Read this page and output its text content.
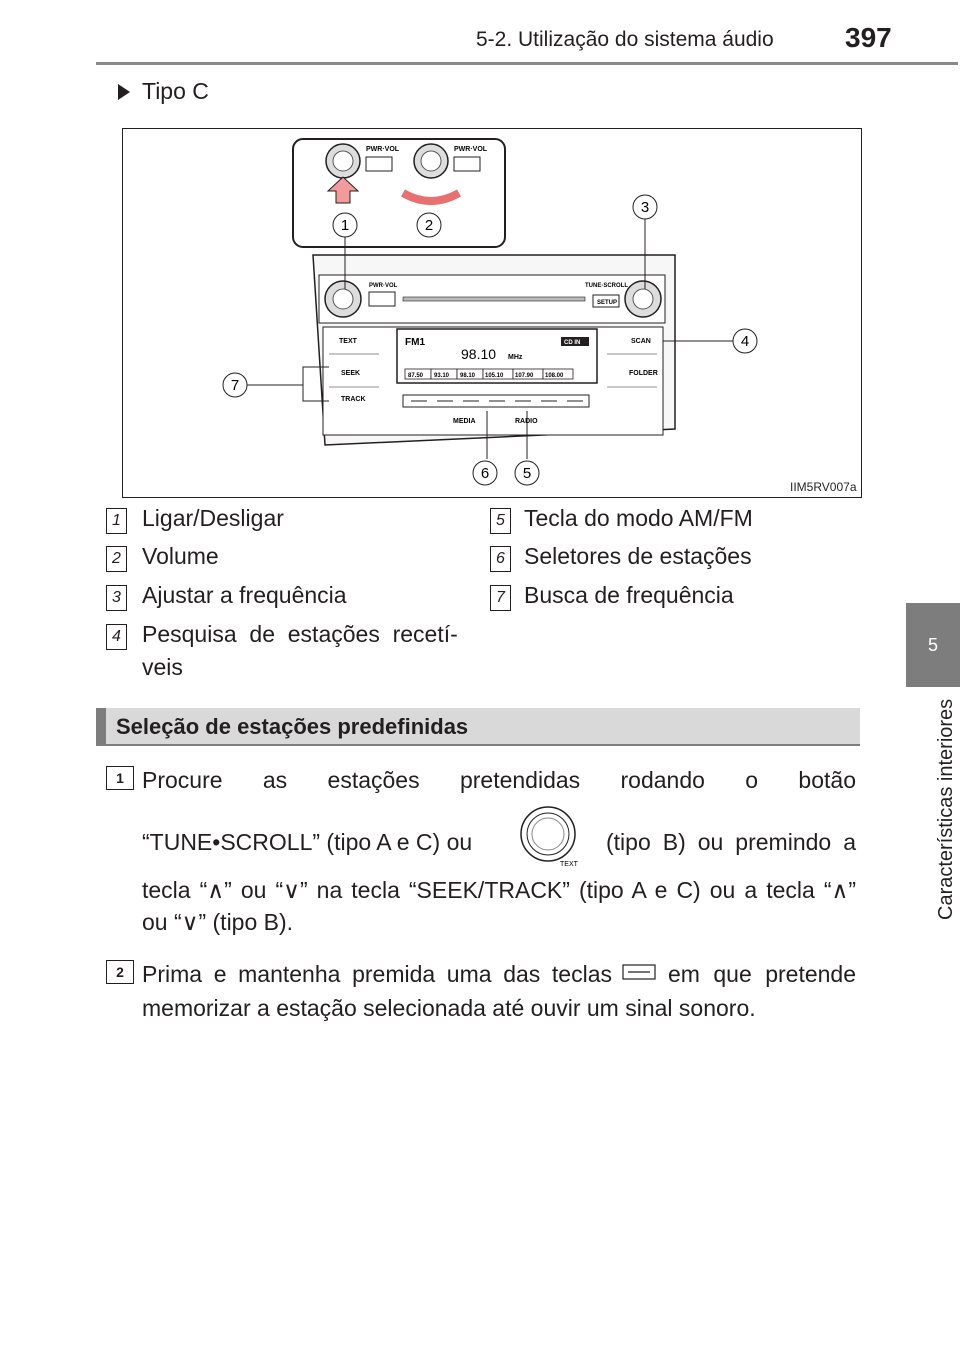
5-2. Utilização do sistema áudio	397
5
Características interiores
Tipo C
PWR·VOL	PWR·VOL
1	2
PWR·VOL	TUNE·SCROLL
SETUP
TEXT	SCAN
SEEK	FOLDER
TRACK
FM1	CD IN
98.10 MHz
87.50 93.10 98.10 105.10 107.90 108.00
MEDIA	RADIO
3
4
6 5
7
IIM5RV007a
1 Ligar/Desligar
2 Volume
3 Ajustar a frequência
4 Pesquisa  de  estações  recetí-
veis
5 Tecla do modo AM/FM
6 Seletores de estações
7 Busca de frequência
Seleção de estações predefinidas
1 Procure as estações pretendidas rodando o botão
“TUNE•SCROLL” (tipo A e C) ou
TEXT
(tipo B) ou premindo a
tecla “∧” ou “∨” na tecla “SEEK/TRACK” (tipo A e C) ou a tecla “∧”
ou “∨” (tipo B).
2 Prima e mantenha premida uma das teclas em que pretende
memorizar a estação selecionada até ouvir um sinal sonoro.
